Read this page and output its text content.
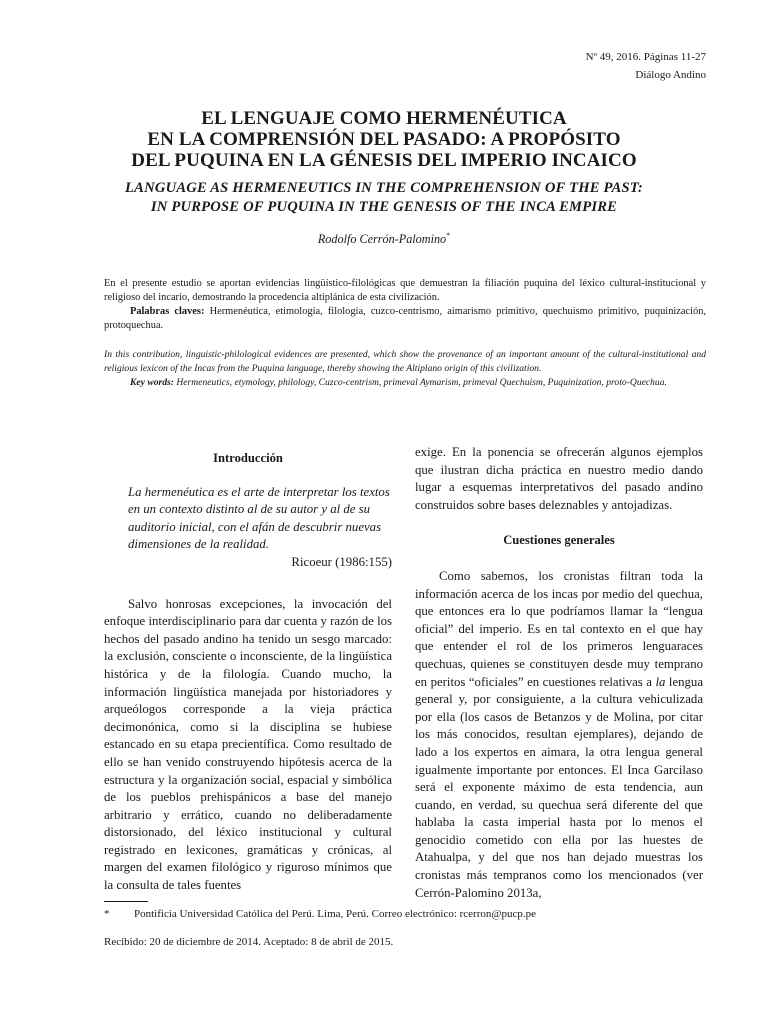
Nº 49, 2016. Páginas 11-27
Diálogo Andino
EL LENGUAJE COMO HERMENÉUTICA
EN LA COMPRENSIÓN DEL PASADO: A PROPÓSITO
DEL PUQUINA EN LA GÉNESIS DEL IMPERIO INCAICO
LANGUAGE AS HERMENEUTICS IN THE COMPREHENSION OF THE PAST:
IN PURPOSE OF PUQUINA IN THE GENESIS OF THE INCA EMPIRE
Rodolfo Cerrón-Palomino*

En el presente estudio se aportan evidencias lingüístico-filológicas que demuestran la filiación puquina del léxico cultural-institucional y religioso del incario, demostrando la procedencia altiplánica de esta civilización.

Palabras claves: Hermenéutica, etimología, filología, cuzco-centrismo, aimarismo primitivo, quechuismo primitivo, puquinización, protoquechua.

In this contribution, linguistic-philological evidences are presented, which show the provenance of an important amount of the cultural-institutional and religious lexicon of the Incas from the Puquina language, thereby showing the Altiplano origin of this civilization.

Key words: Hermeneutics, etymology, philology, Cuzco-centrism, primeval Aymarism, primeval Quechuism, Puquinization, proto-Quechua.

Introducción

La hermenéutica es el arte de interpretar los textos en un contexto distinto al de su autor y al de su auditorio inicial, con el afán de descubrir nuevas dimensiones de la realidad.

Ricoeur (1986:155)

Salvo honrosas excepciones, la invocación del enfoque interdisciplinario para dar cuenta y razón de los hechos del pasado andino ha tenido un sesgo marcado: la exclusión, consciente o inconsciente, de la lingüística histórica y de la filología. Cuando mucho, la información lingüística manejada por historiadores y arqueólogos corresponde a la vieja práctica decimonónica, como si la disciplina se hubiese estancado en su etapa precientífica. Como resultado de ello se han venido construyendo hipótesis acerca de la estructura y la organización social, espacial y simbólica de los pueblos prehispánicos a base del manejo arbitrario y errático, cuando no deliberadamente distorsionado, del léxico institucional y cultural registrado en lexicones, gramáticas y crónicas, al margen del examen filológico y riguroso mínimos que la consulta de tales fuentes

exige. En la ponencia se ofrecerán algunos ejemplos que ilustran dicha práctica en nuestro medio dando lugar a esquemas interpretativos del pasado andino construidos sobre bases deleznables y antojadizas.

Cuestiones generales

Como sabemos, los cronistas filtran toda la información acerca de los incas por medio del quechua, que entonces era lo que podríamos llamar la “lengua oficial” del imperio. Es en tal contexto en el que hay que entender el rol de los primeros lenguaraces quechuas, quienes se constituyen desde muy temprano en peritos “oficiales” en cuestiones relativas a la lengua general y, por consiguiente, a la cultura vehiculizada por ella (los casos de Betanzos y de Molina, por citar los más conocidos, resultan ejemplares), dejando de lado a los expertos en aimara, la otra lengua general igualmente importante por entonces. El Inca Garcilaso será el exponente máximo de esta tendencia, aun cuando, en verdad, su quechua será diferente del que hablaba la casta imperial hasta por lo menos el genocidio cometido con ella por las huestes de Atahualpa, y del que nos han dejado muestras los cronistas más tempranos como los mencionados (ver Cerrón-Palomino 2013a,

* Pontificia Universidad Católica del Perú. Lima, Perú. Correo electrónico: rcerron@pucp.pe
Recibido: 20 de diciembre de 2014. Aceptado: 8 de abril de 2015.
